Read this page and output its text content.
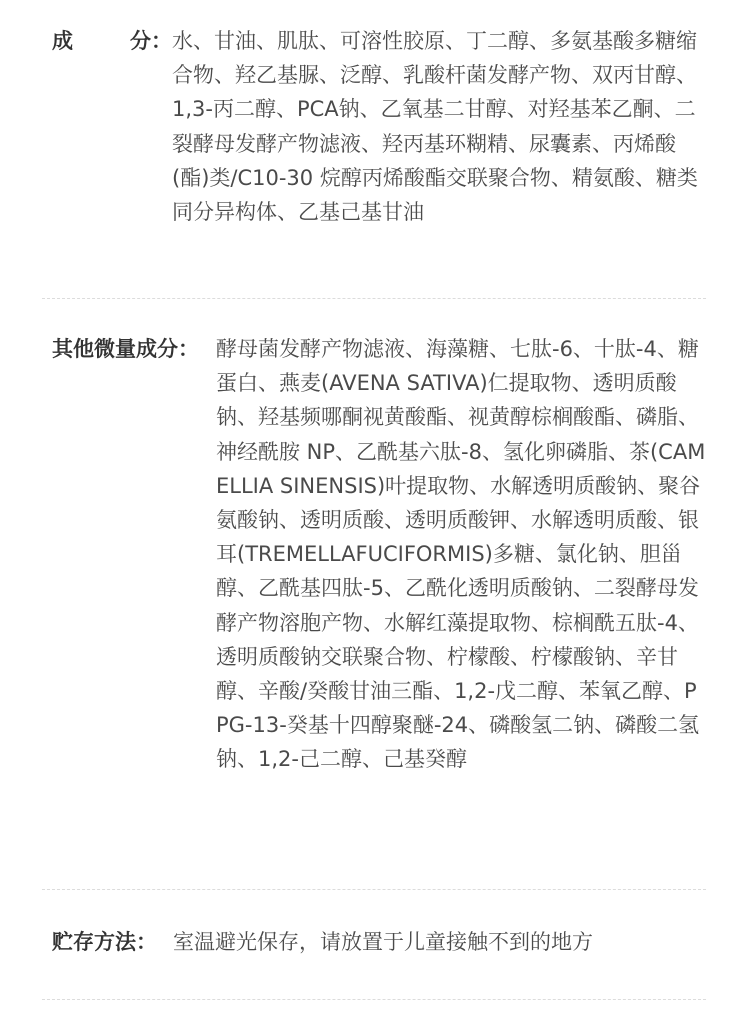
成	分： 水、甘油、肌肽、可溶性胶原、丁二醇、多氨基酸多糖缩合物、羟乙基脲、泛醇、乳酸杆菌发酵产物、双丙甘醇、1,3-丙二醇、PCA钠、乙氧基二甘醇、对羟基苯乙酮、二裂酵母发酵产物滤液、羟丙基环糊精、尿囊素、丙烯酸(酯)类/C10-30 烷醇丙烯酸酯交联聚合物、精氨酸、糖类同分异构体、乙基己基甘油
其他微量成分： 酵母菌发酵产物滤液、海藻糖、七肽-6、十肽-4、糖蛋白、燕麦(AVENA SATIVA)仁提取物、透明质酸钠、羟基频哪酮视黄酸酯、视黄醇棕榈酸酯、磷脂、神经酰胺 NP、乙酰基六肽-8、氢化卵磷脂、茶(CAMELLIA SINENSIS)叶提取物、水解透明质酸钠、聚谷氨酸钠、透明质酸、透明质酸钾、水解透明质酸、银耳(TREMELLAFUCIFORMIS)多糖、氯化钠、胆甾醇、乙酰基四肽-5、乙酰化透明质酸钠、二裂酵母发酵产物溶胞产物、水解红藻提取物、棕榈酰五肽-4、透明质酸钠交联聚合物、柠檬酸、柠檬酸钠、辛甘醇、辛酸/癸酸甘油三酯、1,2-戊二醇、苯氧乙醇、PPG-13-癸基十四醇聚醚-24、磷酸氢二钠、磷酸二氢钠、1,2-己二醇、己基癸醇
贮存方法： 室温避光保存，请放置于儿童接触不到的地方
